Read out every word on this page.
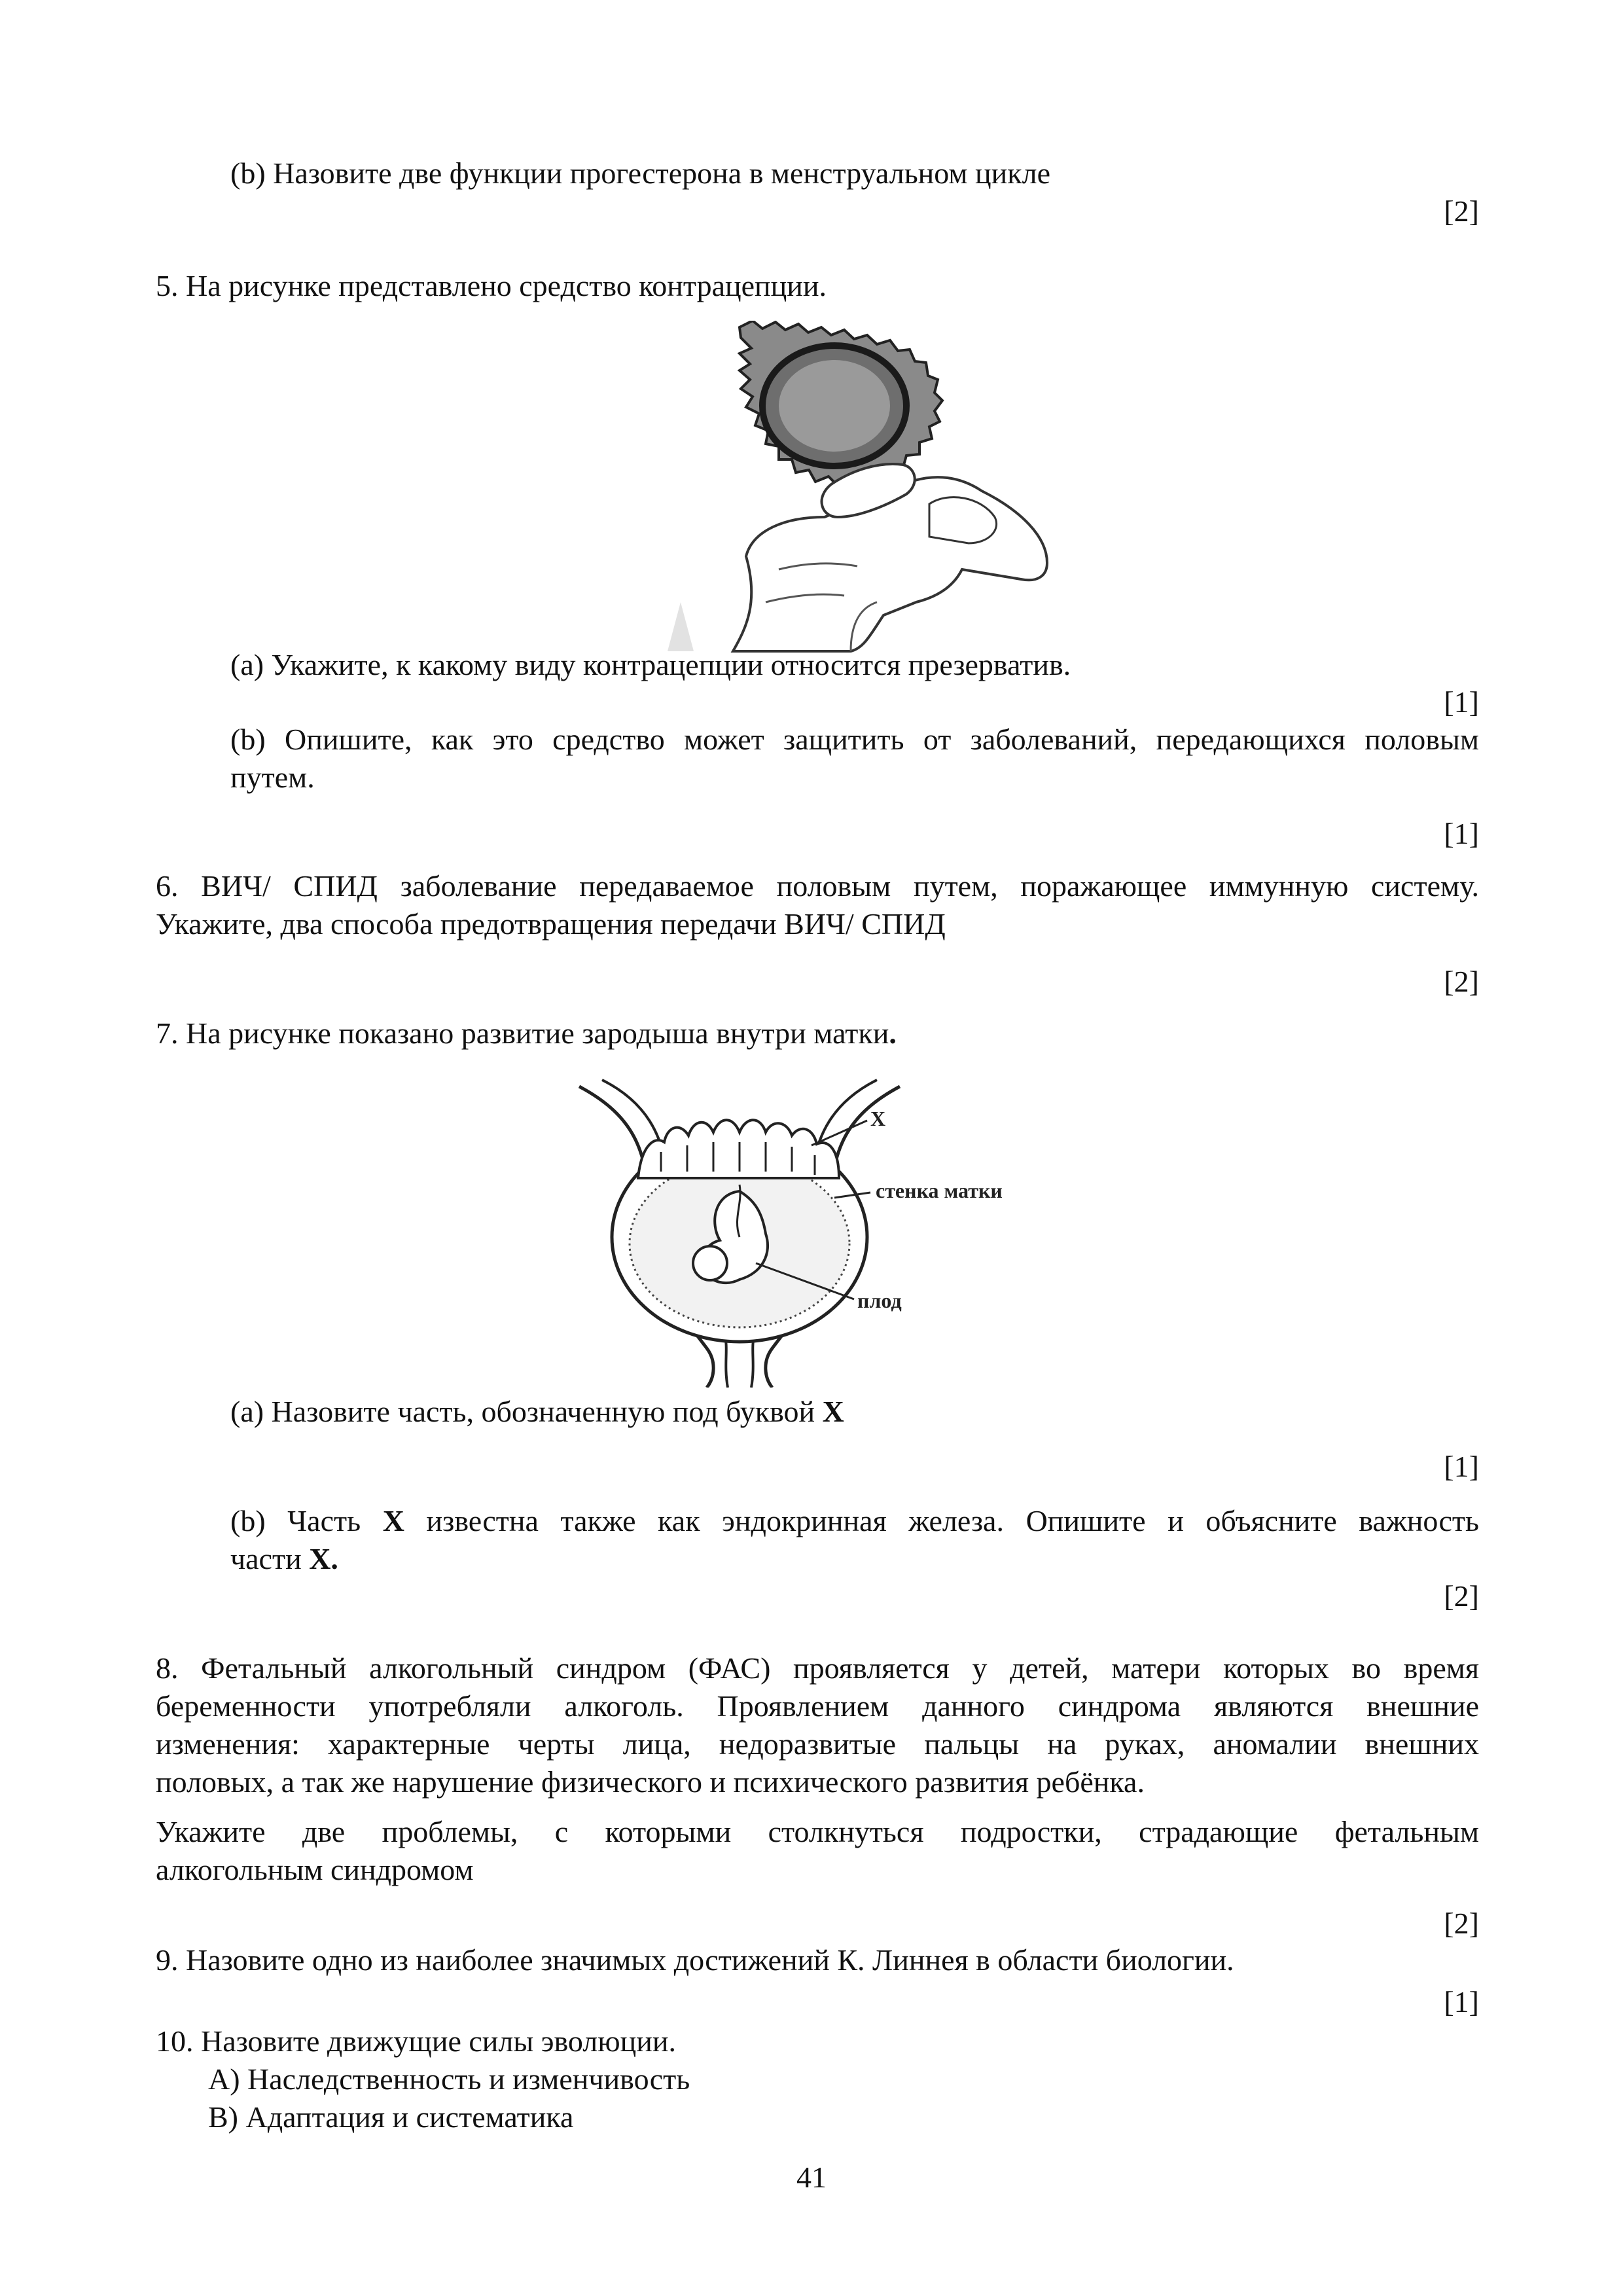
(b) Назовите две функции прогестерона в менструальном цикле
[2]
5. На рисунке представлено средство контрацепции.
(a) Укажите, к какому виду контрацепции относится презерватив.
[1]
(b) Опишите, как это средство может защитить от заболеваний, передающихся половым
путем.
[1]
6. ВИЧ/ СПИД заболевание передаваемое половым путем, поражающее иммунную систему.
Укажите, два способа предотвращения передачи ВИЧ/ СПИД
[2]
7. На рисунке показано развитие зародыша внутри матки.
X
стенка матки
плод
(a) Назовите часть, обозначенную под буквой X
[1]
(b) Часть X известна также как эндокринная железа. Опишите и объясните важность
части X.
[2]
8. Фетальный алкогольный синдром (ФАС) проявляется у детей, матери которых во время
беременности употребляли алкоголь. Проявлением данного синдрома являются внешние
изменения: характерные черты лица, недоразвитые пальцы на руках, аномалии внешних
половых, а так же нарушение физического и психического развития ребёнка.
Укажите две проблемы, с которыми столкнуться подростки, страдающие фетальным
алкогольным синдромом
[2]
9. Назовите одно из наиболее значимых достижений К. Линнея в области биологии.
[1]
10. Назовите движущие силы эволюции.
А) Наследственность и изменчивость
В) Адаптация и систематика
41
